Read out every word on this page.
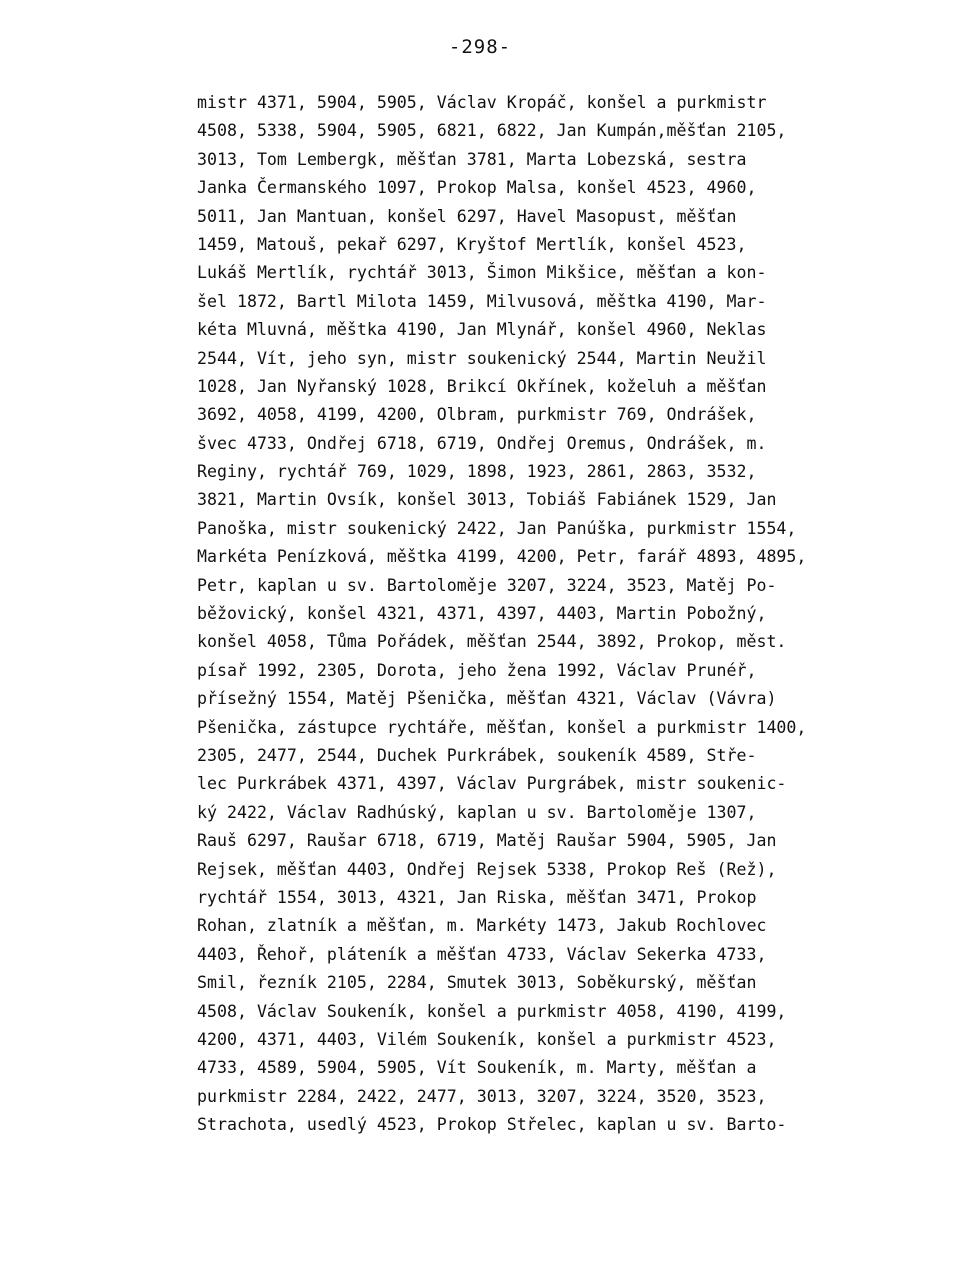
-298-
mistr 4371, 5904, 5905, Václav Kropáč, konšel a purkmistr
4508, 5338, 5904, 5905, 6821, 6822, Jan Kumpán,měšťan 2105,
3013, Tom Lembergk, měšťan 3781, Marta Lobezská, sestra
Janka Čermanského 1097, Prokop Malsa, konšel 4523, 4960,
5011, Jan Mantuan, konšel 6297, Havel Masopust, měšťan
1459, Matouš, pekař 6297, Kryštof Mertlík, konšel 4523,
Lukáš Mertlík, rychtář 3013, Šimon Mikšice, měšťan a kon-
šel 1872, Bartl Milota 1459, Milvusová, měštka 4190, Mar-
kéta Mluvná, měštka 4190, Jan Mlynář, konšel 4960, Neklas
2544, Vít, jeho syn, mistr soukenický 2544, Martin Neužil
1028, Jan Nyřanský 1028, Brikcí Okřínek, koželuh a měšťan
3692, 4058, 4199, 4200, Olbram, purkmistr 769, Ondrášek,
švec 4733, Ondřej 6718, 6719, Ondřej Oremus, Ondrášek, m.
Reginy, rychtář 769, 1029, 1898, 1923, 2861, 2863, 3532,
3821, Martin Ovsík, konšel 3013, Tobiáš Fabiánek 1529, Jan
Panoška, mistr soukenický 2422, Jan Panúška, purkmistr 1554,
Markéta Penízková, měštka 4199, 4200, Petr, farář 4893, 4895,
Petr, kaplan u sv. Bartoloměje 3207, 3224, 3523, Matěj Po-
běžovický, konšel 4321, 4371, 4397, 4403, Martin Pobožný,
konšel 4058, Tůma Pořádek, měšťan 2544, 3892, Prokop, měst.
písař 1992, 2305, Dorota, jeho žena 1992, Václav Prunéř,
přísežný 1554, Matěj Pšenička, měšťan 4321, Václav (Vávra)
Pšenička, zástupce rychtáře, měšťan, konšel a purkmistr 1400,
2305, 2477, 2544, Duchek Purkrábek, soukeník 4589, Stře-
lec Purkrábek 4371, 4397, Václav Purgrábek, mistr soukenic-
ký 2422, Václav Radhúský, kaplan u sv. Bartoloměje 1307,
Rauš 6297, Raušar 6718, 6719, Matěj Raušar 5904, 5905, Jan
Rejsek, měšťan 4403, Ondřej Rejsek 5338, Prokop Reš (Rež),
rychtář 1554, 3013, 4321, Jan Riska, měšťan 3471, Prokop
Rohan, zlatník a měšťan, m. Markéty 1473, Jakub Rochlovec
4403, Řehoř, pláteník a měšťan 4733, Václav Sekerka 4733,
Smil, řezník 2105, 2284, Smutek 3013, Soběkurský, měšťan
4508, Václav Soukeník, konšel a purkmistr 4058, 4190, 4199,
4200, 4371, 4403, Vilém Soukeník, konšel a purkmistr 4523,
4733, 4589, 5904, 5905, Vít Soukeník, m. Marty, měšťan a
purkmistr 2284, 2422, 2477, 3013, 3207, 3224, 3520, 3523,
Strachota, usedlý 4523, Prokop Střelec, kaplan u sv. Barto-
